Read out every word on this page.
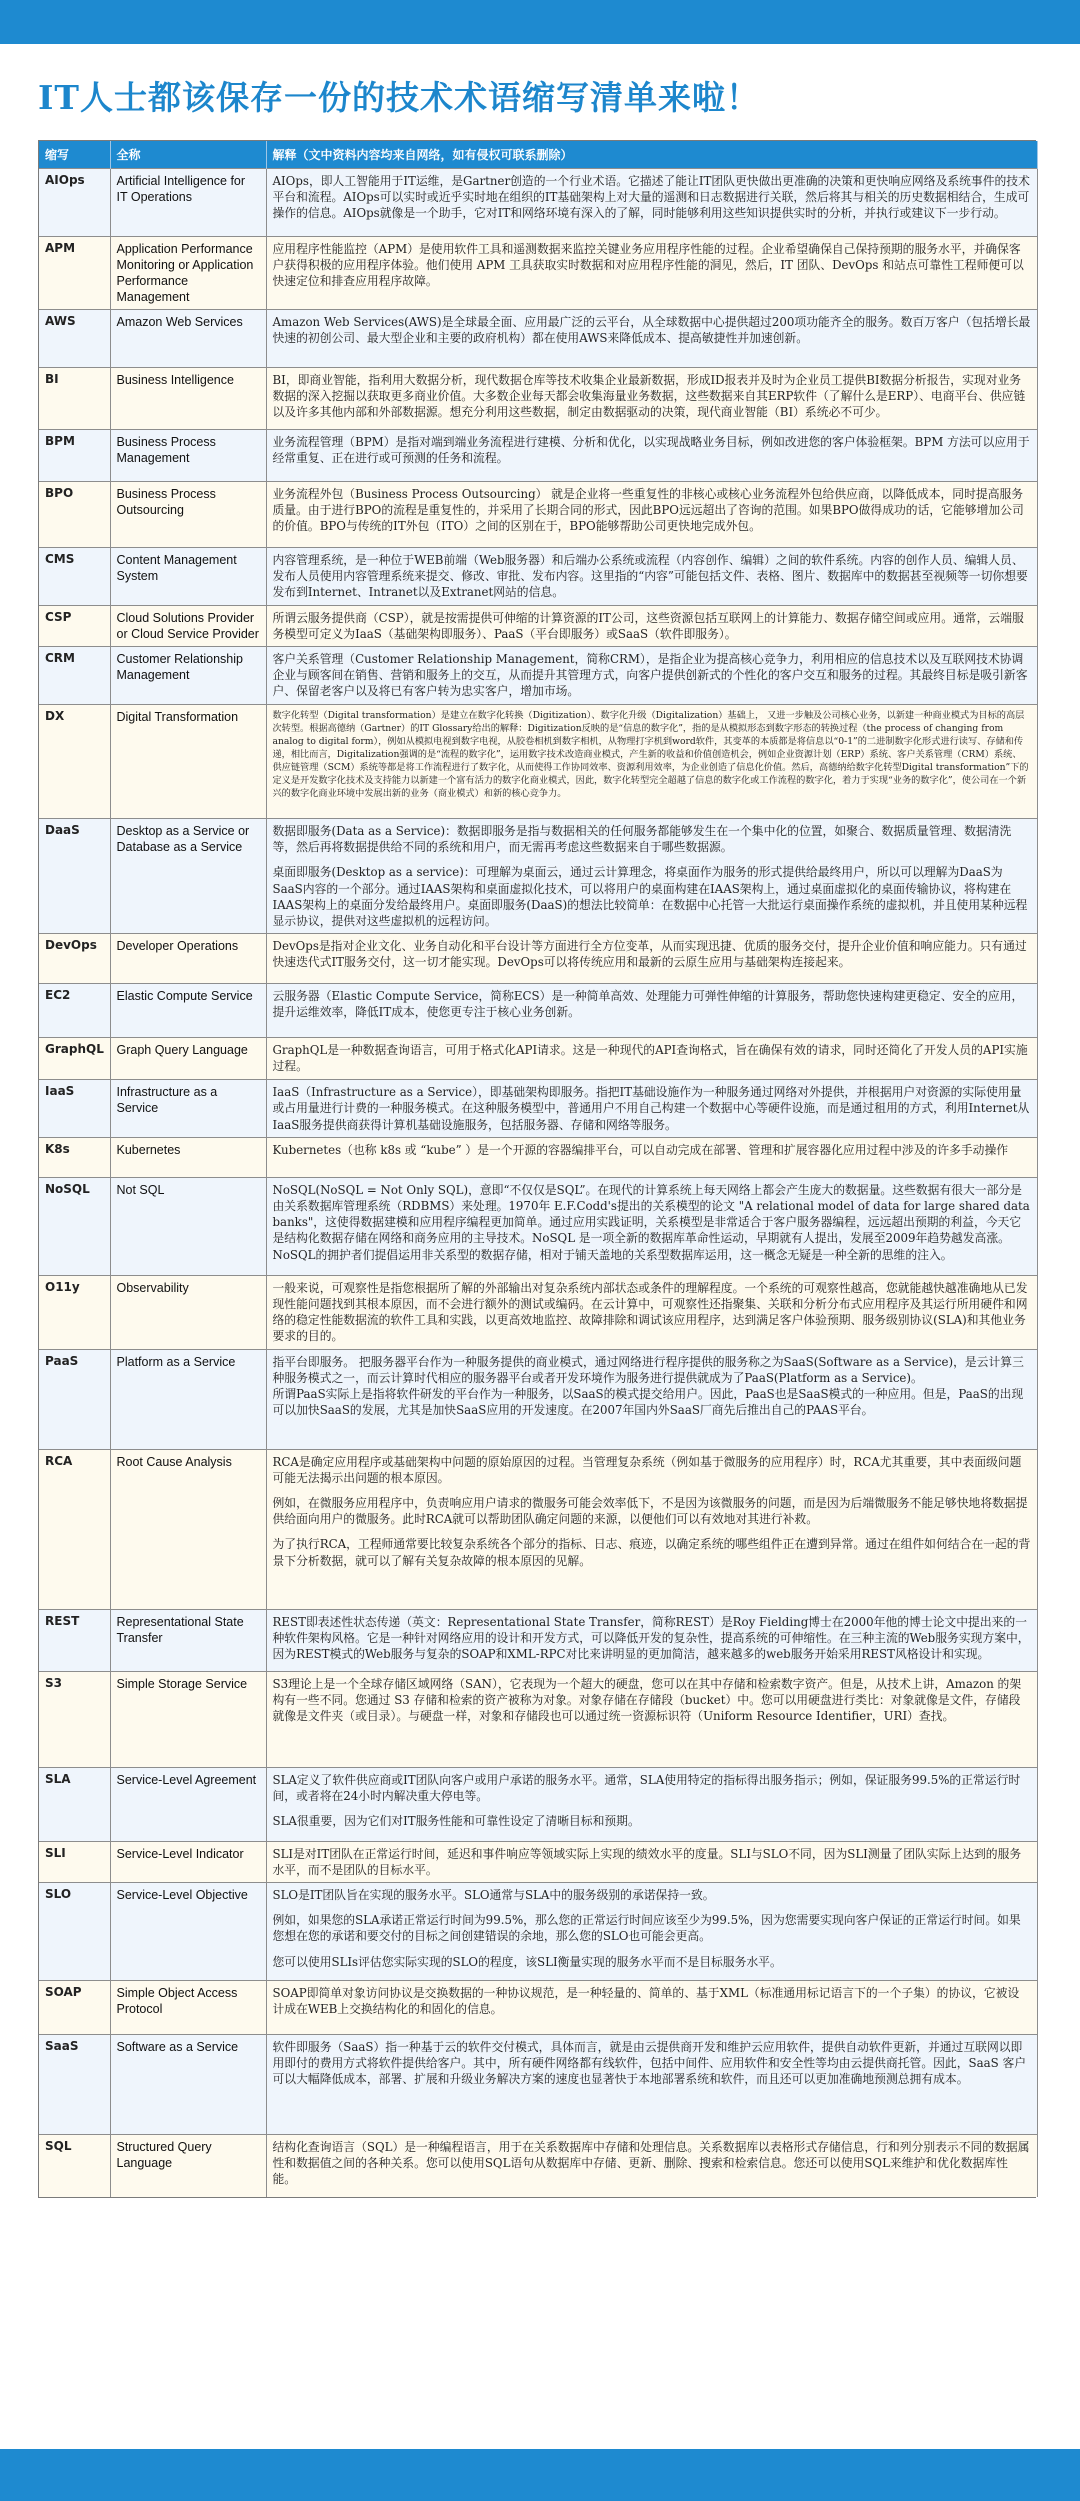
IT人士都该保存一份的技术术语缩写清单来啦！
缩写	全称	解释（文中资料内容均来自网络，如有侵权可联系删除）
AIOps	Artificial Intelligence for IT Operations	AIOps，即人工智能用于IT运维，是Gartner创造的一个行业术语。它描述了能让IT团队更快做出更准确的决策和更快响应网络及系统事件的技术平台和流程。AIOps可以实时或近乎实时地在组织的IT基础架构上对大量的遥测和日志数据进行关联，然后将其与相关的历史数据相结合，生成可操作的信息。AIOps就像是一个助手，它对IT和网络环境有深入的了解，同时能够利用这些知识提供实时的分析，并执行或建议下一步行动。

APM	Application Performance Monitoring or Application Performance Management	应用程序性能监控（APM）是使用软件工具和遥测数据来监控关键业务应用程序性能的过程。企业希望确保自己保持预期的服务水平，并确保客户获得积极的应用程序体验。他们使用 APM 工具获取实时数据和对应用程序性能的洞见，然后，IT 团队、DevOps 和站点可靠性工程师便可以快速定位和排查应用程序故障。

AWS	Amazon Web Services	Amazon Web Services(AWS)是全球最全面、应用最广泛的云平台，从全球数据中心提供超过200项功能齐全的服务。数百万客户（包括增长最快速的初创公司、最大型企业和主要的政府机构）都在使用AWS来降低成本、提高敏捷性并加速创新。

BI	Business Intelligence	BI，即商业智能，指利用大数据分析，现代数据仓库等技术收集企业最新数据，形成ID报表并及时为企业员工提供BI数据分析报告，实现对业务数据的深入挖掘以获取更多商业价值。大多数企业每天都会收集海量业务数据，这些数据来自其ERP软件（了解什么是ERP）、电商平台、供应链以及许多其他内部和外部数据源。想充分利用这些数据，制定由数据驱动的决策，现代商业智能（BI）系统必不可少。

BPM	Business Process Management	业务流程管理（BPM）是指对端到端业务流程进行建模、分析和优化，以实现战略业务目标，例如改进您的客户体验框架。BPM 方法可以应用于经常重复、正在进行或可预测的任务和流程。

BPO	Business Process Outsourcing	业务流程外包（Business Process Outsourcing） 就是企业将一些重复性的非核心或核心业务流程外包给供应商，以降低成本，同时提高服务质量。由于进行BPO的流程是重复性的，并采用了长期合同的形式，因此BPO远远超出了咨询的范围。如果BPO做得成功的话，它能够增加公司的价值。BPO与传统的IT外包（ITO）之间的区别在于，BPO能够帮助公司更快地完成外包。

CMS	Content Management System	内容管理系统，是一种位于WEB前端（Web服务器）和后端办公系统或流程（内容创作、编辑）之间的软件系统。内容的创作人员、编辑人员、发布人员使用内容管理系统来提交、修改、审批、发布内容。这里指的“内容”可能包括文件、表格、图片、数据库中的数据甚至视频等一切你想要发布到Internet、Intranet以及Extranet网站的信息。

CSP	Cloud Solutions Provider or Cloud Service Provider	所谓云服务提供商（CSP），就是按需提供可伸缩的计算资源的IT公司，这些资源包括互联网上的计算能力、数据存储空间或应用。通常，云端服务模型可定义为IaaS（基础架构即服务）、PaaS（平台即服务）或SaaS（软件即服务）。

CRM	Customer Relationship Management	客户关系管理（Customer Relationship Management，简称CRM），是指企业为提高核心竞争力，利用相应的信息技术以及互联网技术协调企业与顾客间在销售、营销和服务上的交互，从而提升其管理方式，向客户提供创新式的个性化的客户交互和服务的过程。其最终目标是吸引新客户、保留老客户以及将已有客户转为忠实客户，增加市场。

DX	Digital Transformation	数字化转型（Digital transformation）是建立在数字化转换（Digitization）、数字化升级（Digitalization）基础上， 又进一步触及公司核心业务，以新建一种商业模式为目标的高层次转型。根据高德纳（Gartner）的IT Glossary给出的解释：Digitization反映的是“信息的数字化”，指的是从模拟形态到数字形态的转换过程（the process of changing from analog to digital form），例如从模拟电视到数字电视，从胶卷相机到数字相机，从物理打字机到word软件，其变革的本质都是将信息以“0-1”的二进制数字化形式进行读写、存储和传递，相比而言，Digitalization强调的是“流程的数字化”，运用数字技术改造商业模式，产生新的收益和价值创造机会，例如企业资源计划（ERP）系统、客户关系管理（CRM）系统、供应链管理（SCM）系统等都是将工作流程进行了数字化，从而使得工作协同效率、资源利用效率，为企业创造了信息化价值。然后，高德纳给数字化转型Digital transformation”下的定义是开发数字化技术及支持能力以新建一个富有活力的数字化商业模式，因此，数字化转型完全超越了信息的数字化或工作流程的数字化，着力于实现“业务的数字化”，使公司在一个新兴的数字化商业环境中发展出新的业务（商业模式）和新的核心竞争力。

DaaS	Desktop as a Service or Database as a Service	数据即服务(Data as a Service)：数据即服务是指与数据相关的任何服务都能够发生在一个集中化的位置，如聚合、数据质量管理、数据清洗等，然后再将数据提供给不同的系统和用户，而无需再考虑这些数据来自于哪些数据源。

桌面即服务(Desktop as a service)：可理解为桌面云，通过云计算理念，将桌面作为服务的形式提供给最终用户，所以可以理解为DaaS为SaaS内容的一个部分。通过IAAS架构和桌面虚拟化技术，可以将用户的桌面构建在IAAS架构上，通过桌面虚拟化的桌面传输协议，将构建在IAAS架构上的桌面分发给最终用户。桌面即服务(DaaS)的想法比较简单：在数据中心托管一大批运行桌面操作系统的虚拟机，并且使用某种远程显示协议，提供对这些虚拟机的远程访问。

DevOps	Developer Operations	DevOps是指对企业文化、业务自动化和平台设计等方面进行全方位变革，从而实现迅捷、优质的服务交付，提升企业价值和响应能力。只有通过快速迭代式IT服务交付，这一切才能实现。DevOps可以将传统应用和最新的云原生应用与基础架构连接起来。

EC2	Elastic Compute Service	云服务器（Elastic Compute Service，简称ECS）是一种简单高效、处理能力可弹性伸缩的计算服务，帮助您快速构建更稳定、安全的应用，提升运维效率，降低IT成本，使您更专注于核心业务创新。

GraphQL	Graph Query Language	GraphQL是一种数据查询语言，可用于格式化API请求。这是一种现代的API查询格式，旨在确保有效的请求，同时还简化了开发人员的API实施过程。

IaaS	Infrastructure as a Service	IaaS（Infrastructure as a Service），即基础架构即服务。指把IT基础设施作为一种服务通过网络对外提供，并根据用户对资源的实际使用量或占用量进行计费的一种服务模式。在这种服务模型中，普通用户不用自己构建一个数据中心等硬件设施，而是通过租用的方式，利用Internet从IaaS服务提供商获得计算机基础设施服务，包括服务器、存储和网络等服务。

K8s	Kubernetes	Kubernetes（也称 k8s 或 “kube” ）是一个开源的容器编排平台，可以自动完成在部署、管理和扩展容器化应用过程中涉及的许多手动操作

NoSQL	Not SQL	NoSQL(NoSQL = Not Only SQL)，意即“不仅仅是SQL”。在现代的计算系统上每天网络上都会产生庞大的数据量。这些数据有很大一部分是由关系数据库管理系统（RDBMS）来处理。1970年 E.F.Codd's提出的关系模型的论文 "A relational model of data for large shared data banks"，这使得数据建模和应用程序编程更加简单。通过应用实践证明，关系模型是非常适合于客户服务器编程，远远超出预期的利益，今天它是结构化数据存储在网络和商务应用的主导技术。NoSQL 是一项全新的数据库革命性运动，早期就有人提出，发展至2009年趋势越发高涨。NoSQL的拥护者们提倡运用非关系型的数据存储，相对于铺天盖地的关系型数据库运用，这一概念无疑是一种全新的思维的注入。

O11y	Observability	一般来说，可观察性是指您根据所了解的外部输出对复杂系统内部状态或条件的理解程度。一个系统的可观察性越高，您就能越快越准确地从已发现性能问题找到其根本原因，而不会进行额外的测试或编码。在云计算中，可观察性还指聚集、关联和分析分布式应用程序及其运行所用硬件和网络的稳定性能数据流的软件工具和实践，以更高效地监控、故障排除和调试该应用程序，达到满足客户体验预期、服务级别协议(SLA)和其他业务要求的目的。

PaaS	Platform as a Service	指平台即服务。 把服务器平台作为一种服务提供的商业模式，通过网络进行程序提供的服务称之为SaaS(Software as a Service)，是云计算三种服务模式之一，而云计算时代相应的服务器平台或者开发环境作为服务进行提供就成为了PaaS(Platform as a Service)。
所谓PaaS实际上是指将软件研发的平台作为一种服务，以SaaS的模式提交给用户。因此，PaaS也是SaaS模式的一种应用。但是，PaaS的出现可以加快SaaS的发展，尤其是加快SaaS应用的开发速度。在2007年国内外SaaS厂商先后推出自己的PAAS平台。

RCA	Root Cause Analysis	RCA是确定应用程序或基础架构中问题的原始原因的过程。当管理复杂系统（例如基于微服务的应用程序）时，RCA尤其重要，其中表面级问题可能无法揭示出问题的根本原因。

例如，在微服务应用程序中，负责响应用户请求的微服务可能会效率低下，不是因为该微服务的问题，而是因为后端微服务不能足够快地将数据提供给面向用户的微服务。此时RCA就可以帮助团队确定问题的来源，以便他们可以有效地对其进行补救。

为了执行RCA，工程师通常要比较复杂系统各个部分的指标、日志、痕迹，以确定系统的哪些组件正在遭到异常。通过在组件如何结合在一起的背景下分析数据，就可以了解有关复杂故障的根本原因的见解。

REST	Representational State Transfer	REST即表述性状态传递（英文：Representational State Transfer，简称REST）是Roy Fielding博士在2000年他的博士论文中提出来的一种软件架构风格。它是一种针对网络应用的设计和开发方式，可以降低开发的复杂性，提高系统的可伸缩性。在三种主流的Web服务实现方案中，因为REST模式的Web服务与复杂的SOAP和XML-RPC对比来讲明显的更加简洁，越来越多的web服务开始采用REST风格设计和实现。

S3	Simple Storage Service	S3理论上是一个全球存储区域网络（SAN），它表现为一个超大的硬盘，您可以在其中存储和检索数字资产。但是，从技术上讲，Amazon 的架构有一些不同。您通过 S3 存储和检索的资产被称为对象。对象存储在存储段（bucket）中。您可以用硬盘进行类比：对象就像是文件，存储段就像是文件夹（或目录）。与硬盘一样，对象和存储段也可以通过统一资源标识符（Uniform Resource Identifier，URI）查找。

SLA	Service-Level Agreement	SLA定义了软件供应商或IT团队向客户或用户承诺的服务水平。通常，SLA使用特定的指标得出服务指示；例如，保证服务99.5%的正常运行时间，或者将在24小时内解决重大停电等。

SLA很重要，因为它们对IT服务性能和可靠性设定了清晰目标和预期。

SLI	Service-Level Indicator	SLI是对IT团队在正常运行时间，延迟和事件响应等领域实际上实现的绩效水平的度量。SLI与SLO不同，因为SLI测量了团队实际上达到的服务水平，而不是团队的目标水平。

SLO	Service-Level Objective	SLO是IT团队旨在实现的服务水平。SLO通常与SLA中的服务级别的承诺保持一致。

例如，如果您的SLA承诺正常运行时间为99.5%，那么您的正常运行时间应该至少为99.5%，因为您需要实现向客户保证的正常运行时间。如果您想在您的承诺和要交付的目标之间创建错误的余地，那么您的SLO也可能会更高。

您可以使用SLIs评估您实际实现的SLO的程度，该SLI衡量实现的服务水平而不是目标服务水平。

SOAP	Simple Object Access Protocol	SOAP即简单对象访问协议是交换数据的一种协议规范，是一种轻量的、简单的、基于XML（标准通用标记语言下的一个子集）的协议，它被设计成在WEB上交换结构化的和固化的信息。

SaaS	Software as a Service	软件即服务（SaaS）指一种基于云的软件交付模式，具体而言，就是由云提供商开发和维护云应用软件，提供自动软件更新，并通过互联网以即用即付的费用方式将软件提供给客户。其中，所有硬件网络都有线软件，包括中间件、应用软件和安全性等均由云提供商托管。因此，SaaS 客户可以大幅降低成本，部署、扩展和升级业务解决方案的速度也显著快于本地部署系统和软件，而且还可以更加准确地预测总拥有成本。

SQL	Structured Query Language	结构化查询语言（SQL）是一种编程语言，用于在关系数据库中存储和处理信息。关系数据库以表格形式存储信息，行和列分别表示不同的数据属性和数据值之间的各种关系。您可以使用SQL语句从数据库中存储、更新、删除、搜索和检索信息。您还可以使用SQL来维护和优化数据库性能。
